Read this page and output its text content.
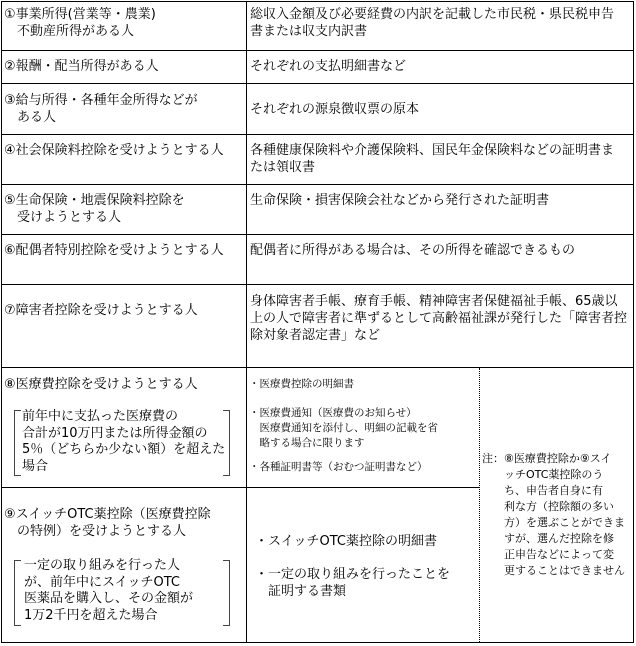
①事業所得(営業等・農業)
　不動産所得がある人
総収入金額及び必要経費の内訳を記載した市民税・県民税申告
書または収支内訳書
②報酬・配当所得がある人	それぞれの支払明細書など
③給与所得・各種年金所得などが
　ある人
それぞれの源泉徴収票の原本
④社会保険料控除を受けようとする人 各種健康保険料や介護保険料、国民年金保険料などの証明書ま
たは領収書
⑤生命保険・地震保険料控除を
　受けようとする人
生命保険・損害保険会社などから発行された証明書
⑥配偶者特別控除を受けようとする人 配偶者に所得がある場合は、その所得を確認できるもの
⑦障害者控除を受けようとする人
身体障害者手帳、療育手帳、精神障害者保健福祉手帳、65歳以
上の人で障害者に準ずるとして高齢福祉課が発行した「障害者控
除対象者認定書」など
⑧医療費控除を受けようとする人
前年中に支払った医療費の
合計が10万円または所得金額の
5％（どちらか少ない額）を超えた
場合
・医療費控除の明細書
・医療費通知（医療費のお知らせ）
　医療費通知を添付し、明細の記載を省
　略する場合に限ります
・各種証明書等（おむつ証明書など）
⑨スイッチOTC薬控除（医療費控除
　の特例）を受けようとする人
一定の取り組みを行った人
が、前年中にスイッチOTC
医薬品を購入し、その金額が
1万2千円を超えた場合
・スイッチOTC薬控除の明細書
・一定の取り組みを行ったことを
　証明する書類
注：⑧医療費控除か⑨スイ
　　ッチOTC薬控除のう
　　ち、申告者自身に有
　　利な方（控除額の多い
　　方）を選ぶことができま
　　すが、選んだ控除を修
　　正申告などによって変
　　更することはできません
